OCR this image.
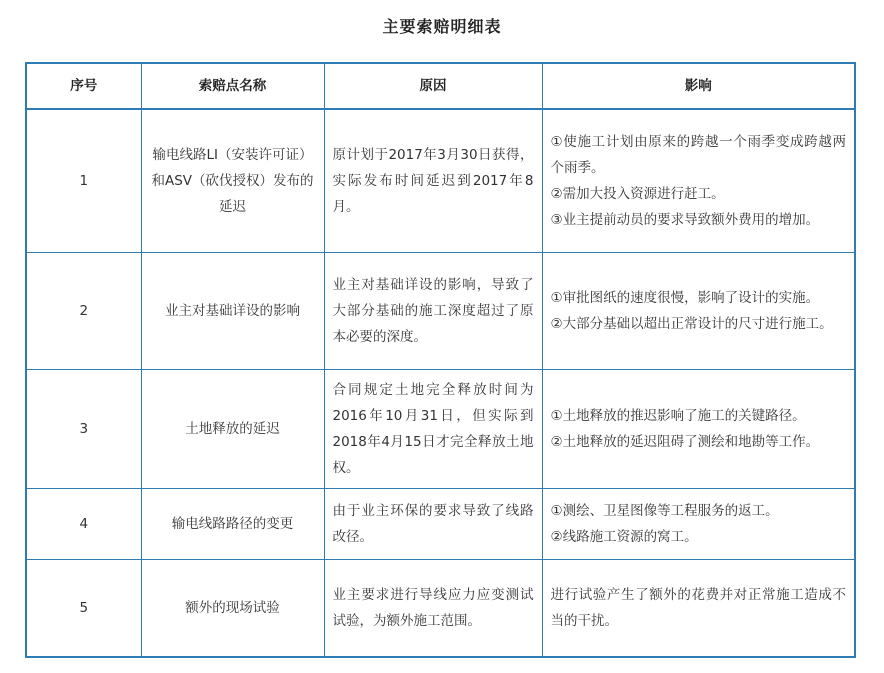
主要索赔明细表
序号	索赔点名称	原因	影响
1	输电线路LI（安装许可证）和ASV（砍伐授权）发布的延迟	原计划于2017年3月30日获得，实际发布时间延迟到2017年8月。	①使施工计划由原来的跨越一个雨季变成跨越两个雨季。
②需加大投入资源进行赶工。
③业主提前动员的要求导致额外费用的增加。

2	业主对基础详设的影响	业主对基础详设的影响，导致了大部分基础的施工深度超过了原本必要的深度。	①审批图纸的速度很慢，影响了设计的实施。
②大部分基础以超出正常设计的尺寸进行施工。

3	土地释放的延迟	合同规定土地完全释放时间为2016年10月31日，但实际到2018年4月15日才完全释放土地权。	①土地释放的推迟影响了施工的关键路径。
②土地释放的延迟阻碍了测绘和地勘等工作。

4	输电线路路径的变更	由于业主环保的要求导致了线路改径。	①测绘、卫星图像等工程服务的返工。
②线路施工资源的窝工。

5	额外的现场试验	业主要求进行导线应力应变测试试验，为额外施工范围。	进行试验产生了额外的花费并对正常施工造成不当的干扰。
